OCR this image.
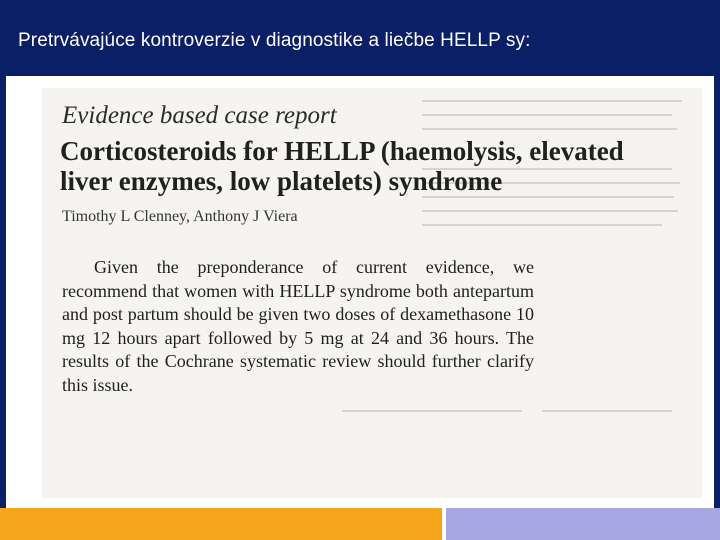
Pretrvávajúce kontroverzie v diagnostike a liečbe HELLP sy:
Evidence based case report
Corticosteroids for HELLP (haemolysis, elevated liver enzymes, low platelets) syndrome
Timothy L Clenney, Anthony J Viera
Given the preponderance of current evidence, we recommend that women with HELLP syndrome both antepartum and post partum should be given two doses of dexamethasone 10 mg 12 hours apart followed by 5 mg at 24 and 36 hours. The results of the Cochrane systematic review should further clarify this issue.
